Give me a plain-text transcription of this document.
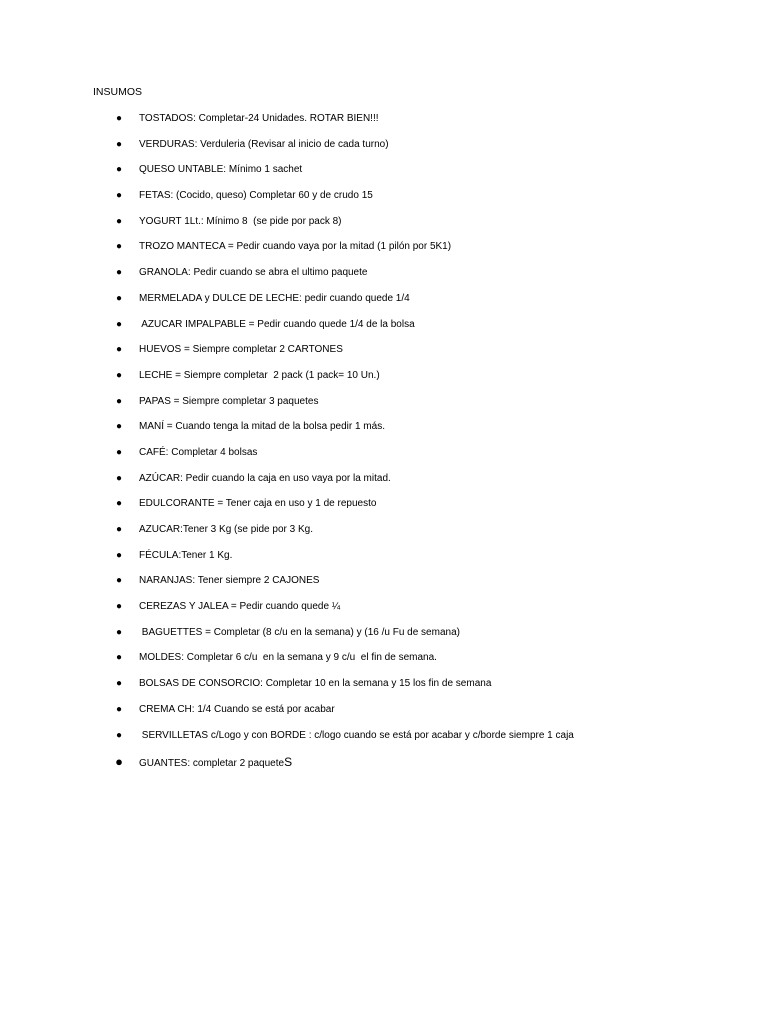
INSUMOS
● TOSTADOS: Completar-24 Unidades. ROTAR BIEN!!!
● VERDURAS: Verduleria (Revisar al inicio de cada turno)
● QUESO UNTABLE: Mínimo 1 sachet
● FETAS: (Cocido, queso) Completar 60 y de crudo 15
● YOGURT 1Lt.: Mínimo 8  (se pide por pack 8)
● TROZO MANTECA = Pedir cuando vaya por la mitad (1 pilón por 5K1)
● GRANOLA: Pedir cuando se abra el ultimo paquete
● MERMELADA y DULCE DE LECHE: pedir cuando quede 1/4
● AZUCAR IMPALPABLE = Pedir cuando quede 1/4 de la bolsa
● HUEVOS = Siempre completar 2 CARTONES
● LECHE = Siempre completar  2 pack (1 pack= 10 Un.)
● PAPAS = Siempre completar 3 paquetes
● MANÍ = Cuando tenga la mitad de la bolsa pedir 1 más.
● CAFÉ: Completar 4 bolsas
● AZÚCAR: Pedir cuando la caja en uso vaya por la mitad.
● EDULCORANTE = Tener caja en uso y 1 de repuesto
● AZUCAR:Tener 3 Kg (se pide por 3 Kg.
● FÉCULA:Tener 1 Kg.
● NARANJAS: Tener siempre 2 CAJONES
● CEREZAS Y JALEA = Pedir cuando quede ¼
● BAGUETTES = Completar (8 c/u en la semana) y (16 /u Fu de semana)
● MOLDES: Completar 6 c/u  en la semana y 9 c/u  el fin de semana.
● BOLSAS DE CONSORCIO: Completar 10 en la semana y 15 los fin de semana
● CREMA CH: 1/4 Cuando se está por acabar
● SERVILLETAS c/Logo y con BORDE : c/logo cuando se está por acabar y c/borde siempre 1 caja
● GUANTES: completar 2 paqueteS
